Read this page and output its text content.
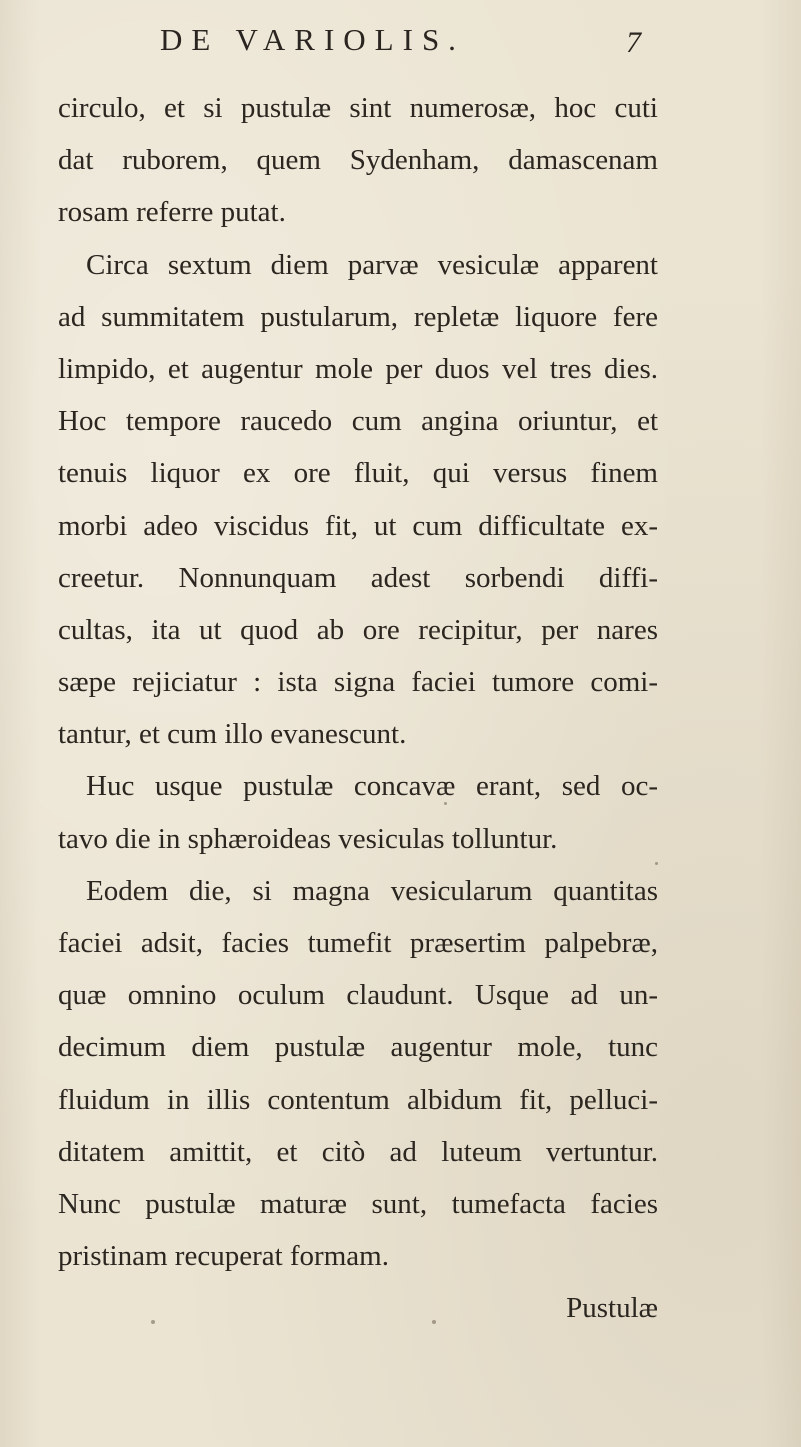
DE VARIOLIS.	7
circulo, et si pustulæ sint numerosæ, hoc cuti
dat ruborem, quem Sydenham, damascenam
rosam referre putat.
Circa sextum diem parvæ vesiculæ apparent
ad summitatem pustularum, repletæ liquore fere
limpido, et augentur mole per duos vel tres dies.
Hoc tempore raucedo cum angina oriuntur, et
tenuis liquor ex ore fluit, qui versus finem
morbi adeo viscidus fit, ut cum difficultate ex-
creetur. Nonnunquam adest sorbendi diffi-
cultas, ita ut quod ab ore recipitur, per nares
sæpe rejiciatur : ista signa faciei tumore comi-
tantur, et cum illo evanescunt.
Huc usque pustulæ concavæ erant, sed oc-
tavo die in sphæroideas vesiculas tolluntur.
Eodem die, si magna vesicularum quantitas
faciei adsit, facies tumefit præsertim palpebræ,
quæ omnino oculum claudunt. Usque ad un-
decimum diem pustulæ augentur mole, tunc
fluidum in illis contentum albidum fit, pelluci-
ditatem amittit, et citò ad luteum vertuntur.
Nunc pustulæ maturæ sunt, tumefacta facies
pristinam recuperat formam.
Pustulæ
